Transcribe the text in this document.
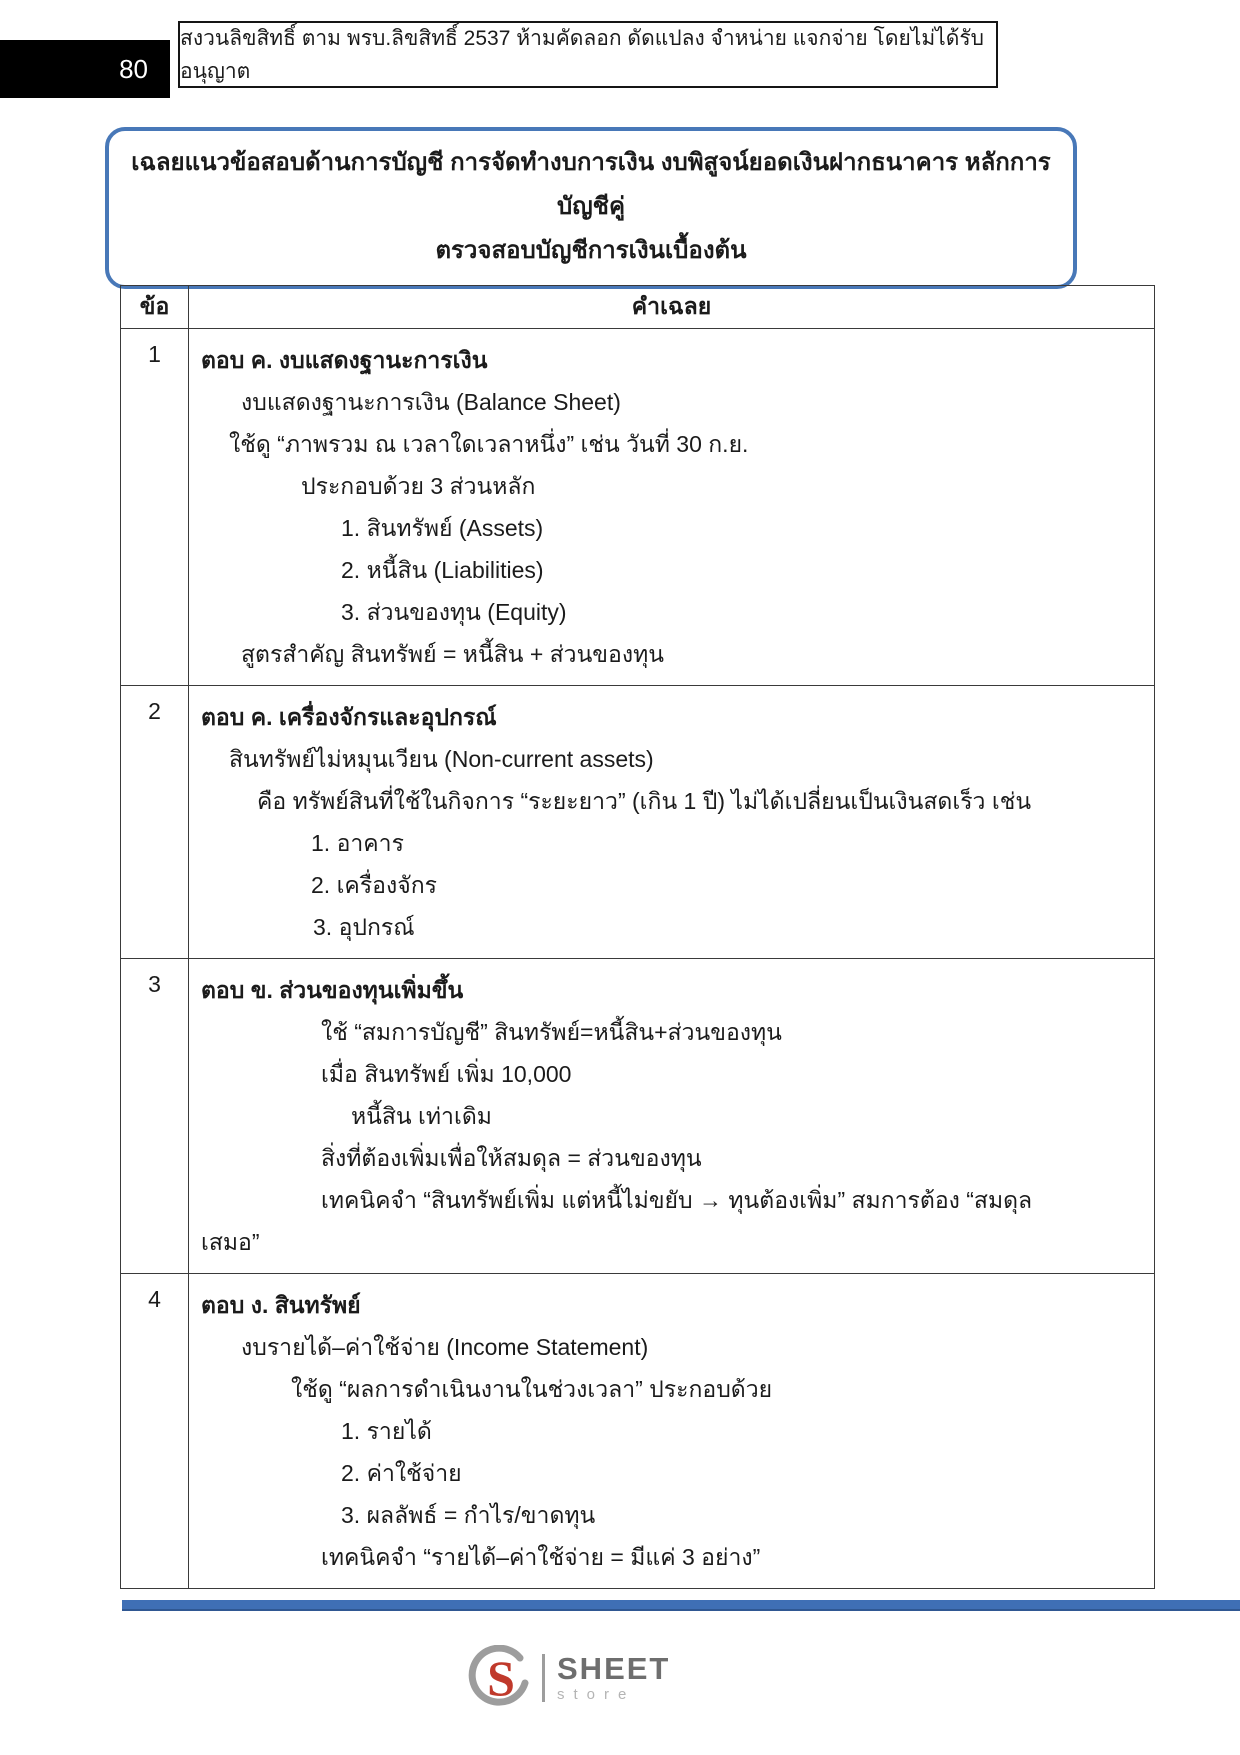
80
สงวนลิขสิทธิ์ ตาม พรบ.ลิขสิทธิ์ 2537 ห้ามคัดลอก ดัดแปลง จำหน่าย แจกจ่าย โดยไม่ได้รับอนุญาต
เฉลยแนวข้อสอบด้านการบัญชี การจัดทำงบการเงิน งบพิสูจน์ยอดเงินฝากธนาคาร หลักการบัญชีคู่
ตรวจสอบบัญชีการเงินเบื้องต้น
ข้อ	คำเฉลย
1	ตอบ ค. งบแสดงฐานะการเงิน
งบแสดงฐานะการเงิน (Balance Sheet)
ใช้ดู “ภาพรวม ณ เวลาใดเวลาหนึ่ง” เช่น วันที่ 30 ก.ย.
ประกอบด้วย 3 ส่วนหลัก
1. สินทรัพย์ (Assets)
2. หนี้สิน (Liabilities)
3. ส่วนของทุน (Equity)
สูตรสำคัญ สินทรัพย์ = หนี้สิน + ส่วนของทุน

2	ตอบ ค. เครื่องจักรและอุปกรณ์
สินทรัพย์ไม่หมุนเวียน (Non-current assets)
คือ ทรัพย์สินที่ใช้ในกิจการ “ระยะยาว” (เกิน 1 ปี) ไม่ได้เปลี่ยนเป็นเงินสดเร็ว เช่น
1. อาคาร
2. เครื่องจักร
3. อุปกรณ์

3	ตอบ ข. ส่วนของทุนเพิ่มขึ้น
ใช้ “สมการบัญชี” สินทรัพย์=หนี้สิน+ส่วนของทุน
เมื่อ สินทรัพย์ เพิ่ม 10,000
หนี้สิน เท่าเดิม
สิ่งที่ต้องเพิ่มเพื่อให้สมดุล = ส่วนของทุน
เทคนิคจำ “สินทรัพย์เพิ่ม แต่หนี้ไม่ขยับ → ทุนต้องเพิ่ม” สมการต้อง “สมดุล
เสมอ”

4	ตอบ ง. สินทรัพย์
งบรายได้–ค่าใช้จ่าย (Income Statement)
ใช้ดู “ผลการดำเนินงานในช่วงเวลา” ประกอบด้วย
1. รายได้
2. ค่าใช้จ่าย
3. ผลลัพธ์ = กำไร/ขาดทุน
เทคนิคจำ “รายได้–ค่าใช้จ่าย = มีแค่ 3 อย่าง”
S SHEET
store
